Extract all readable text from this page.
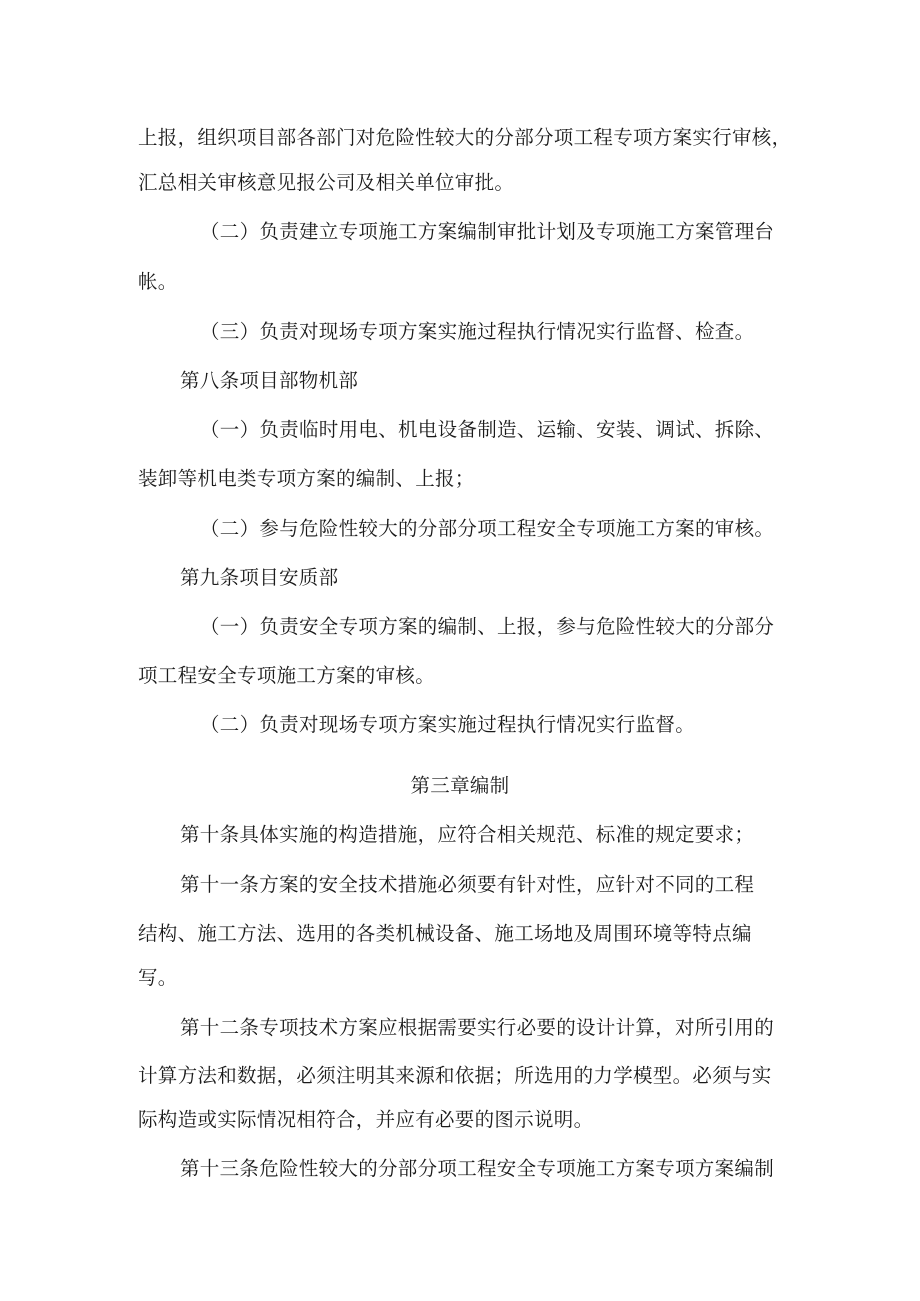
上报，组织项目部各部门对危险性较大的分部分项工程专项方案实行审核，
汇总相关审核意见报公司及相关单位审批。
（二）负责建立专项施工方案编制审批计划及专项施工方案管理台
帐。
（三）负责对现场专项方案实施过程执行情况实行监督、检查。
第八条项目部物机部
（一）负责临时用电、机电设备制造、运输、安装、调试、拆除、
装卸等机电类专项方案的编制、上报；
（二）参与危险性较大的分部分项工程安全专项施工方案的审核。
第九条项目安质部
（一）负责安全专项方案的编制、上报，参与危险性较大的分部分
项工程安全专项施工方案的审核。
（二）负责对现场专项方案实施过程执行情况实行监督。
第三章编制
第十条具体实施的构造措施，应符合相关规范、标准的规定要求；
第十一条方案的安全技术措施必须要有针对性，应针对不同的工程
结构、施工方法、选用的各类机械设备、施工场地及周围环境等特点编
写。
第十二条专项技术方案应根据需要实行必要的设计计算，对所引用的
计算方法和数据，必须注明其来源和依据；所选用的力学模型。必须与实
际构造或实际情况相符合，并应有必要的图示说明。
第十三条危险性较大的分部分项工程安全专项施工方案专项方案编制
